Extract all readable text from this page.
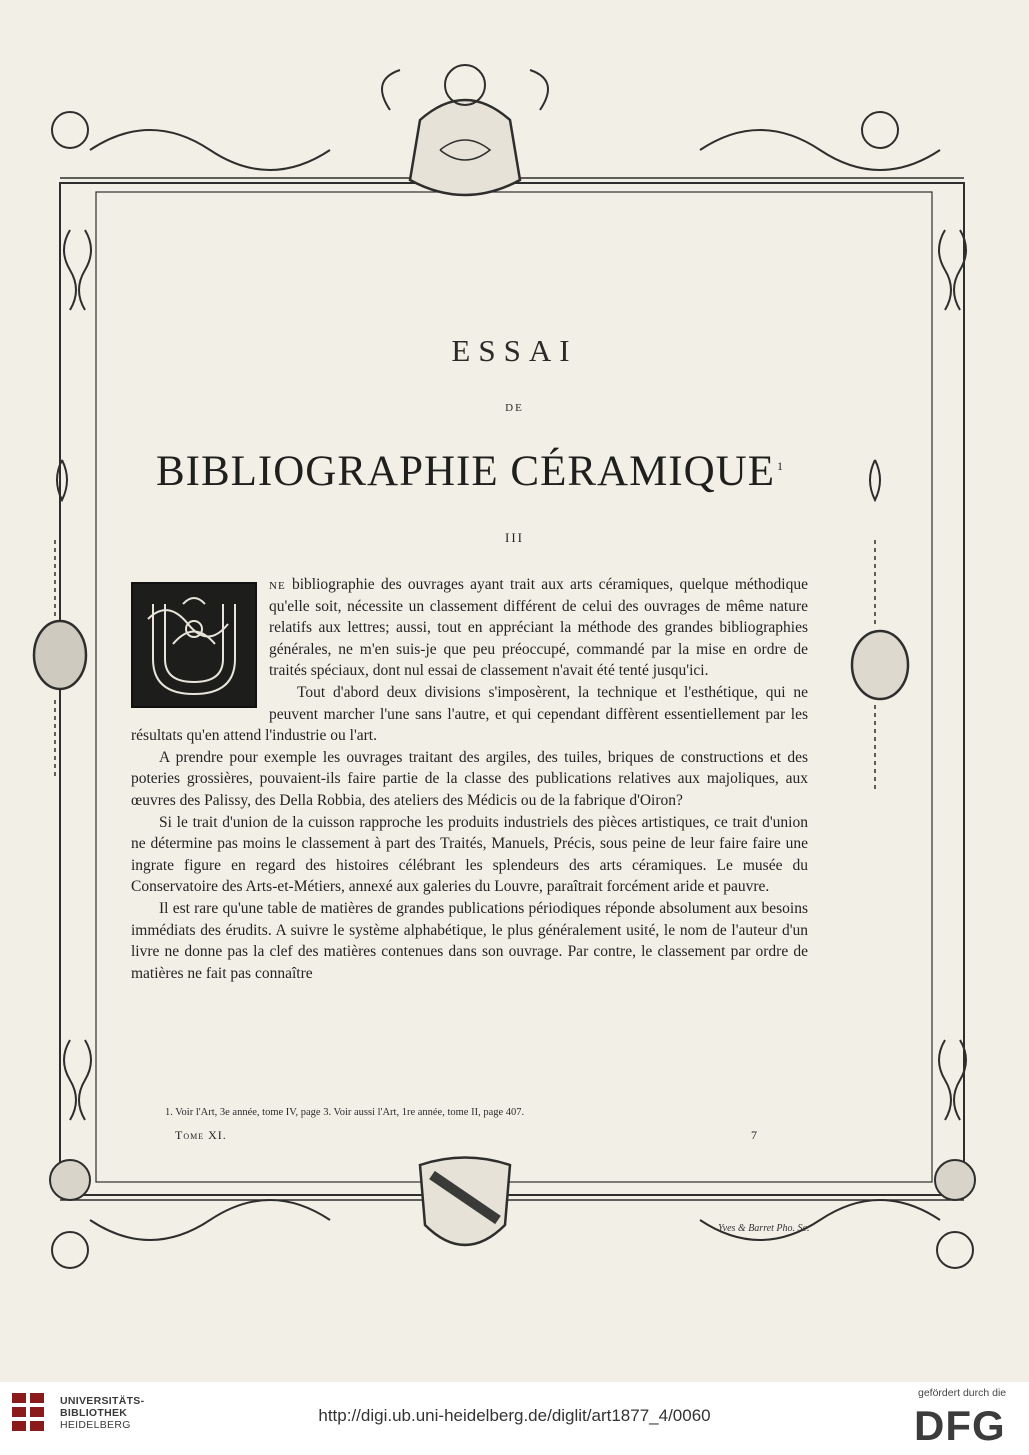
ESSAI
DE
BIBLIOGRAPHIE CÉRAMIQUE $^1$
III

ne bibliographie des ouvrages ayant trait aux arts céramiques, quelque méthodique qu'elle soit, nécessite un classement différent de celui des ouvrages de même nature relatifs aux lettres; aussi, tout en appréciant la méthode des grandes bibliographies générales, ne m'en suis-je que peu préoccupé, commandé par la mise en ordre de traités spéciaux, dont nul essai de classement n'avait été tenté jusqu'ici.

Tout d'abord deux divisions s'imposèrent, la technique et l'esthétique, qui ne peuvent marcher l'une sans l'autre, et qui cependant diffèrent essentiellement par les résultats qu'en attend l'industrie ou l'art.

A prendre pour exemple les ouvrages traitant des argiles, des tuiles, briques de constructions et des poteries grossières, pouvaient-ils faire partie de la classe des publications relatives aux majoliques, aux œuvres des Palissy, des Della Robbia, des ateliers des Médicis ou de la fabrique d'Oiron?

Si le trait d'union de la cuisson rapproche les produits industriels des pièces artistiques, ce trait d'union ne détermine pas moins le classement à part des Traités, Manuels, Précis, sous peine de leur faire faire une ingrate figure en regard des histoires célébrant les splendeurs des arts céramiques. Le musée du Conservatoire des Arts-et-Métiers, annexé aux galeries du Louvre, paraîtrait forcément aride et pauvre.

Il est rare qu'une table de matières de grandes publications périodiques réponde absolument aux besoins immédiats des érudits. A suivre le système alphabétique, le plus généralement usité, le nom de l'auteur d'un livre ne donne pas la clef des matières contenues dans son ouvrage. Par contre, le classement par ordre de matières ne fait pas connaître

1. Voir l'Art, 3e année, tome IV, page 3. Voir aussi l'Art, 1re année, tome II, page 407.
Tome XI.	7
Yves & Barret Pho. Sc.
UNIVERSITÄTS-
BIBLIOTHEK
HEIDELBERG	http://digi.ub.uni-heidelberg.de/diglit/art1877_4/0060
gefördert durch die
DFG
